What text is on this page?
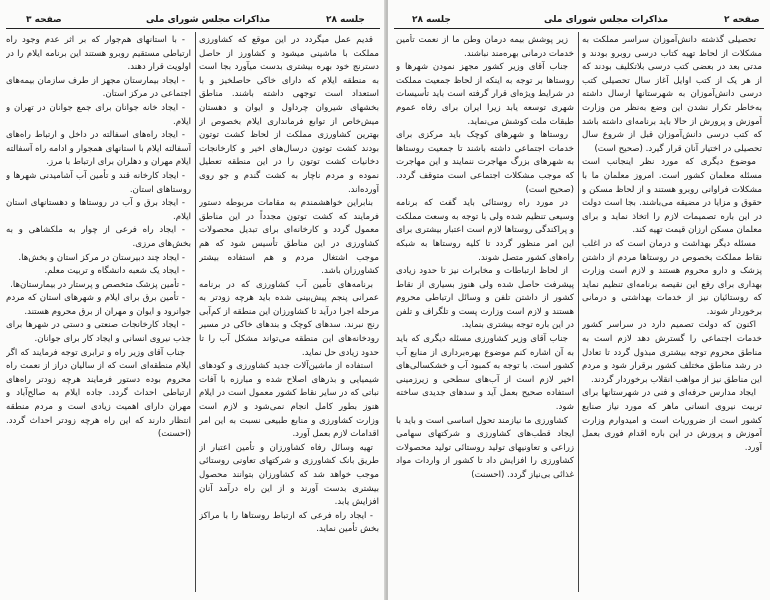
صفحه ۳	مذاکرات مجلس شورای ملی	جلسه ۲۸

- با استانهای هم‌جوار که بر اثر عدم وجود راه ارتباطی مستقیم روبرو هستند این برنامه ایلام را در اولویت قرار دهند.

- ایجاد بیمارستان مجهز از طرف سازمان بیمه‌های اجتماعی در مرکز استان.

- ایجاد خانه جوانان برای جمع جوانان در تهران و ایلام.

- ایجاد راه‌های اسفالته در داخل و ارتباط راه‌های آسفالته ایلام با استانهای همجوار و ادامه راه آسفالته ایلام مهران و دهلران برای ارتباط با مرز.

- ایجاد کارخانه قند و تأمین آب آشامیدنی شهرها و روستاهای استان.

- ایجاد برق و آب در روستاها و دهستانهای استان ایلام.

- ایجاد راه فرعی از چوار به ملکشاهی و به بخش‌های مرزی.

- ایجاد چند دبیرستان در مرکز استان و بخش‌ها.

- ایجاد یک شعبه دانشگاه و تربیت معلم.

- تأمین پزشک متخصص و پرستار در بیمارستان‌ها.

- تأمین برق برای ایلام و شهرهای استان که مردم جوانرود و ایوان و مهران از برق محروم هستند.

- ایجاد کارخانجات صنعتی و دستی در شهرها برای جذب نیروی انسانی و ایجاد کار برای جوانان.

جناب آقای وزیر راه و ترابری توجه فرمایند که اگر ایلام منطقه‌ای است که از سالیان دراز از نعمت راه محروم بوده دستور فرمایند هرچه زودتر راه‌های ارتباطی احداث گردد. جاده ایلام به صالح‌آباد و مهران دارای اهمیت زیادی است و مردم منطقه انتظار دارند که این راه هرچه زودتر احداث گردد. (احسنت)

قدیم عمل میگردد در این موقع که کشاورزی مملکت با ماشینی میشود و کشاورز از حاصل دسترنج خود بهره بیشتری بدست میآورد بجا است به منطقه ایلام که دارای خاکی حاصلخیز و با استعداد است توجهی داشته باشند. مناطق بخشهای شیروان چرداول و ایوان و دهستان میش‌خاص از توابع فرمانداری ایلام بخصوص از بهترین کشاورزی مملکت از لحاظ کشت توتون بودند کشت توتون درسال‌های اخیر و کارخانجات دخانیات کشت توتون را در این منطقه تعطیل نموده و مردم ناچار به کشت گندم و جو روی آورده‌اند.

بنابراین خواهشمندم به مقامات مربوطه دستور فرمایند که کشت توتون مجدداً در این مناطق معمول گردد و کارخانه‌ای برای تبدیل محصولات کشاورزی در این مناطق تأسیس شود که هم موجب اشتغال مردم و هم استفاده بیشتر کشاورزان باشد.

برنامه‌های تأمین آب کشاورزی که در برنامه عمرانی پنجم پیش‌بینی شده باید هرچه زودتر به مرحله اجرا درآید تا کشاورزان این منطقه از کم‌آبی رنج نبرند. سدهای کوچک و بندهای خاکی در مسیر رودخانه‌های این منطقه می‌تواند مشکل آب را تا حدود زیادی حل نماید.

استفاده از ماشین‌آلات جدید کشاورزی و کودهای شیمیایی و بذرهای اصلاح شده و مبارزه با آفات نباتی که در سایر نقاط کشور معمول است در ایلام هنوز بطور کامل انجام نمی‌شود و لازم است وزارت کشاورزی و منابع طبیعی نسبت به این امر اقدامات لازم بعمل آورد.

تهیه وسائل رفاه کشاورزان و تأمین اعتبار از طریق بانک کشاورزی و شرکتهای تعاونی روستائی موجب خواهد شد که کشاورزان بتوانند محصول بیشتری بدست آورند و از این راه درآمد آنان افزایش یابد.

- ایجاد راه فرعی که ارتباط روستاها را با مراکز بخش تأمین نماید.

جلسه ۲۸	مذاکرات مجلس شورای ملی	صفحه ۲

زیر پوشش بیمه درمان وطن ما از نعمت تأمین خدمات درمانی بهره‌مند نباشند.

جناب آقای وزیر کشور مجهز نمودن شهرها و روستاها بر توجه به اینکه از لحاظ جمعیت مملکت در شرایط ویژه‌ای قرار گرفته است باید تأسیسات شهری توسعه یابد زیرا ایران برای رفاه عموم طبقات ملت کوشش می‌نماید.

روستاها و شهرهای کوچک باید مرکزی برای خدمات اجتماعی داشته باشند تا جمعیت روستاها به شهرهای بزرگ مهاجرت ننمایند و این مهاجرت که موجب مشکلات اجتماعی است متوقف گردد. (صحیح است)

در مورد راه روستائی باید گفت که برنامه وسیعی تنظیم شده ولی با توجه به وسعت مملکت و پراکندگی روستاها لازم است اعتبار بیشتری برای این امر منظور گردد تا کلیه روستاها به شبکه راه‌های کشور متصل شوند.

از لحاظ ارتباطات و مخابرات نیز تا حدود زیادی پیشرفت حاصل شده ولی هنوز بسیاری از نقاط کشور از داشتن تلفن و وسائل ارتباطی محروم هستند و لازم است وزارت پست و تلگراف و تلفن در این باره توجه بیشتری بنماید.

جناب آقای وزیر کشاورزی مسئله دیگری که باید به آن اشاره کنم موضوع بهره‌برداری از منابع آب کشور است. با توجه به کمبود آب و خشکسالی‌های اخیر لازم است از آب‌های سطحی و زیرزمینی استفاده صحیح بعمل آید و سدهای جدیدی ساخته شود.

کشاورزی ما نیازمند تحول اساسی است و باید با ایجاد قطب‌های کشاورزی و شرکتهای سهامی زراعی و تعاونیهای تولید روستائی تولید محصولات کشاورزی را افزایش داد تا کشور از واردات مواد غذائی بی‌نیاز گردد. (احسنت)

تحصیلی گذشته دانش‌آموزان سراسر مملکت به مشکلات از لحاظ تهیه کتاب درسی روبرو بودند و مدتی بعد در بعضی کتب درسی بلاتکلیف بودند که از هر یک از کتب اوایل آغاز سال تحصیلی کتب درسی دانش‌آموزان به شهرستانها ارسال داشته به‌خاطر تکرار نشدن این وضع به‌نظر من وزارت آموزش و پرورش از حالا باید برنامه‌ای داشته باشد که کتب درسی دانش‌آموزان قبل از شروع سال تحصیلی در اختیار آنان قرار گیرد. (صحیح است)

موضوع دیگری که مورد نظر اینجانب است مسئله معلمان کشور است. امروز معلمان ما با مشکلات فراوانی روبرو هستند و از لحاظ مسکن و حقوق و مزایا در مضیقه می‌باشند. بجا است دولت در این باره تصمیمات لازم را اتخاذ نماید و برای معلمان مسکن ارزان قیمت تهیه کند.

مسئله دیگر بهداشت و درمان است که در اغلب نقاط مملکت بخصوص در روستاها مردم از داشتن پزشک و دارو محروم هستند و لازم است وزارت بهداری برای رفع این نقیصه برنامه‌ای تنظیم نماید که روستائیان نیز از خدمات بهداشتی و درمانی برخوردار شوند.

اکنون که دولت تصمیم دارد در سراسر کشور خدمات اجتماعی را گسترش دهد لازم است به مناطق محروم توجه بیشتری مبذول گردد تا تعادل در رشد مناطق مختلف کشور برقرار شود و مردم این مناطق نیز از مواهب انقلاب برخوردار گردند.

ایجاد مدارس حرفه‌ای و فنی در شهرستانها برای تربیت نیروی انسانی ماهر که مورد نیاز صنایع کشور است از ضروریات است و امیدوارم وزارت آموزش و پرورش در این باره اقدام فوری بعمل آورد.
